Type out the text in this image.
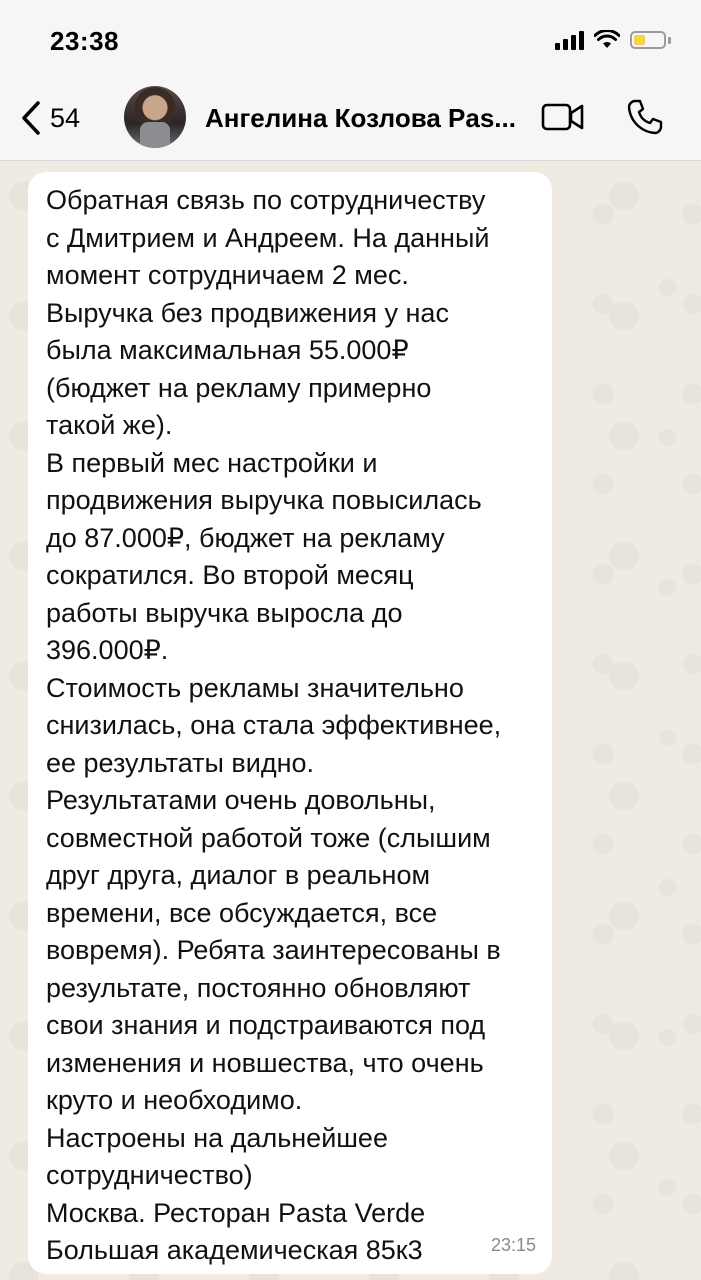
23:38
54	Ангелина Козлова Pas...
Обратная связь по сотрудничеству
с Дмитрием и Андреем. На данный
момент сотрудничаем 2 мес.
Выручка без продвижения у нас
была максимальная 55.000₽
(бюджет на рекламу примерно
такой же).
В первый мес настройки и
продвижения выручка повысилась
до 87.000₽, бюджет на рекламу
сократился. Во второй месяц
работы выручка выросла до
396.000₽.
Стоимость рекламы значительно
снизилась, она стала эффективнее,
ее результаты видно.
Результатами очень довольны,
совместной работой тоже (слышим
друг друга, диалог в реальном
времени, все обсуждается, все
вовремя). Ребята заинтересованы в
результате, постоянно обновляют
свои знания и подстраиваются под
изменения и новшества, что очень
круто и необходимо.
Настроены на дальнейшее
сотрудничество)
Москва. Ресторан Pasta Verde
Большая академическая 85к3	23:15
